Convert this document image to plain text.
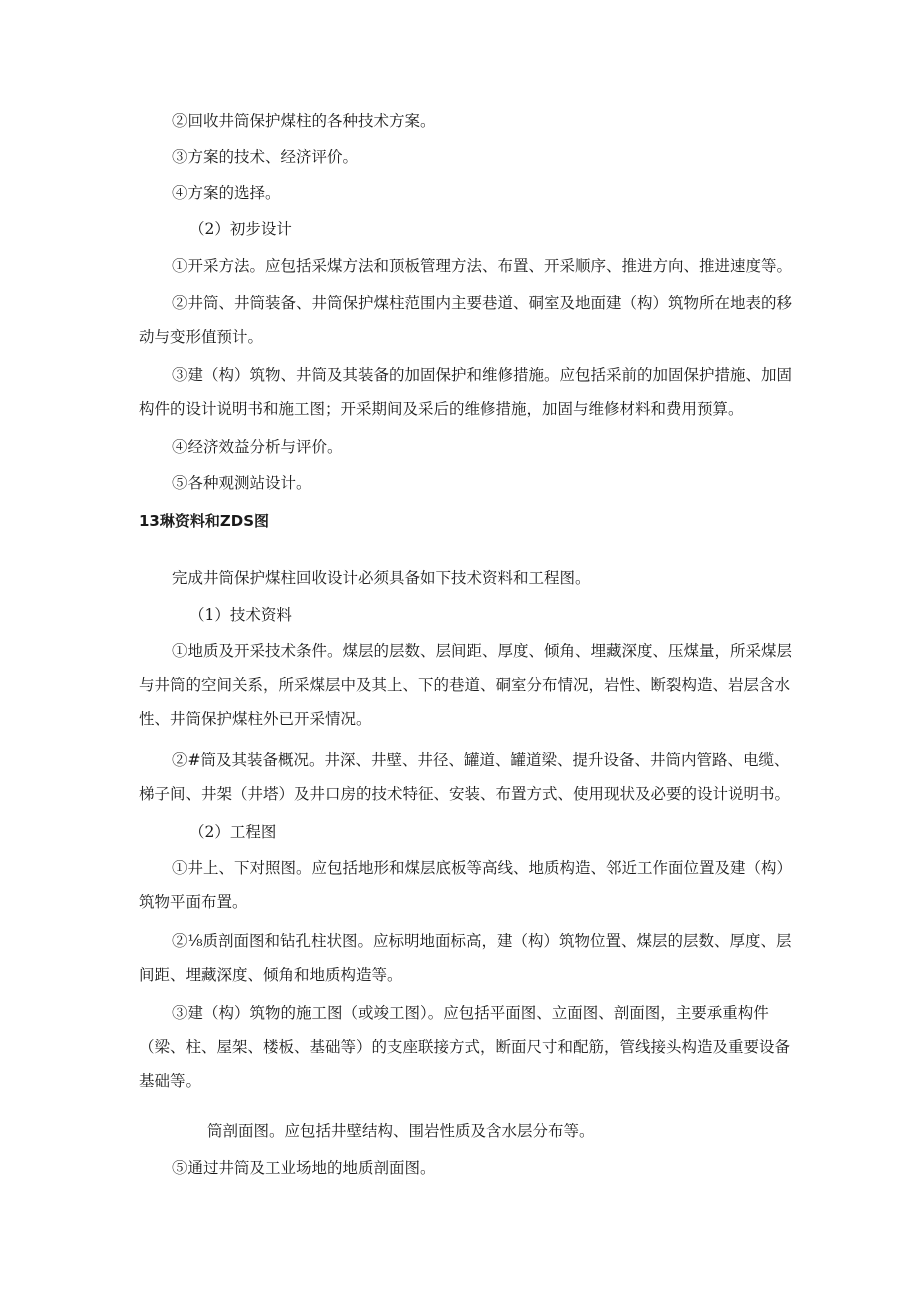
②回收井筒保护煤柱的各种技术方案。
③方案的技术、经济评价。
④方案的选择。
（2）初步设计
①开采方法。应包括采煤方法和顶板管理方法、布置、开采顺序、推进方向、推进速度等。
②井筒、井筒装备、井筒保护煤柱范围内主要巷道、硐室及地面建（构）筑物所在地表的移
动与变形值预计。
③建（构）筑物、井筒及其装备的加固保护和维修措施。应包括采前的加固保护措施、加固
构件的设计说明书和施工图；开采期间及采后的维修措施，加固与维修材料和费用预算。
④经济效益分析与评价。
⑤各种观测站设计。
13琳资料和ZDS图
完成井筒保护煤柱回收设计必须具备如下技术资料和工程图。
（1）技术资料
①地质及开采技术条件。煤层的层数、层间距、厚度、倾角、埋藏深度、压煤量，所采煤层
与井筒的空间关系，所采煤层中及其上、下的巷道、硐室分布情况，岩性、断裂构造、岩层含水
性、井筒保护煤柱外已开采情况。
②#筒及其装备概况。井深、井壁、井径、罐道、罐道梁、提升设备、井筒内管路、电缆、
梯子间、井架（井塔）及井口房的技术特征、安装、布置方式、使用现状及必要的设计说明书。
（2）工程图
①井上、下对照图。应包括地形和煤层底板等高线、地质构造、邻近工作面位置及建（构）
筑物平面布置。
②⅛质剖面图和钻孔柱状图。应标明地面标高，建（构）筑物位置、煤层的层数、厚度、层
间距、埋藏深度、倾角和地质构造等。
③建（构）筑物的施工图（或竣工图）。应包括平面图、立面图、剖面图，主要承重构件
（梁、柱、屋架、楼板、基础等）的支座联接方式，断面尺寸和配筋，管线接头构造及重要设备
基础等。
筒剖面图。应包括井壁结构、围岩性质及含水层分布等。
⑤通过井筒及工业场地的地质剖面图。
